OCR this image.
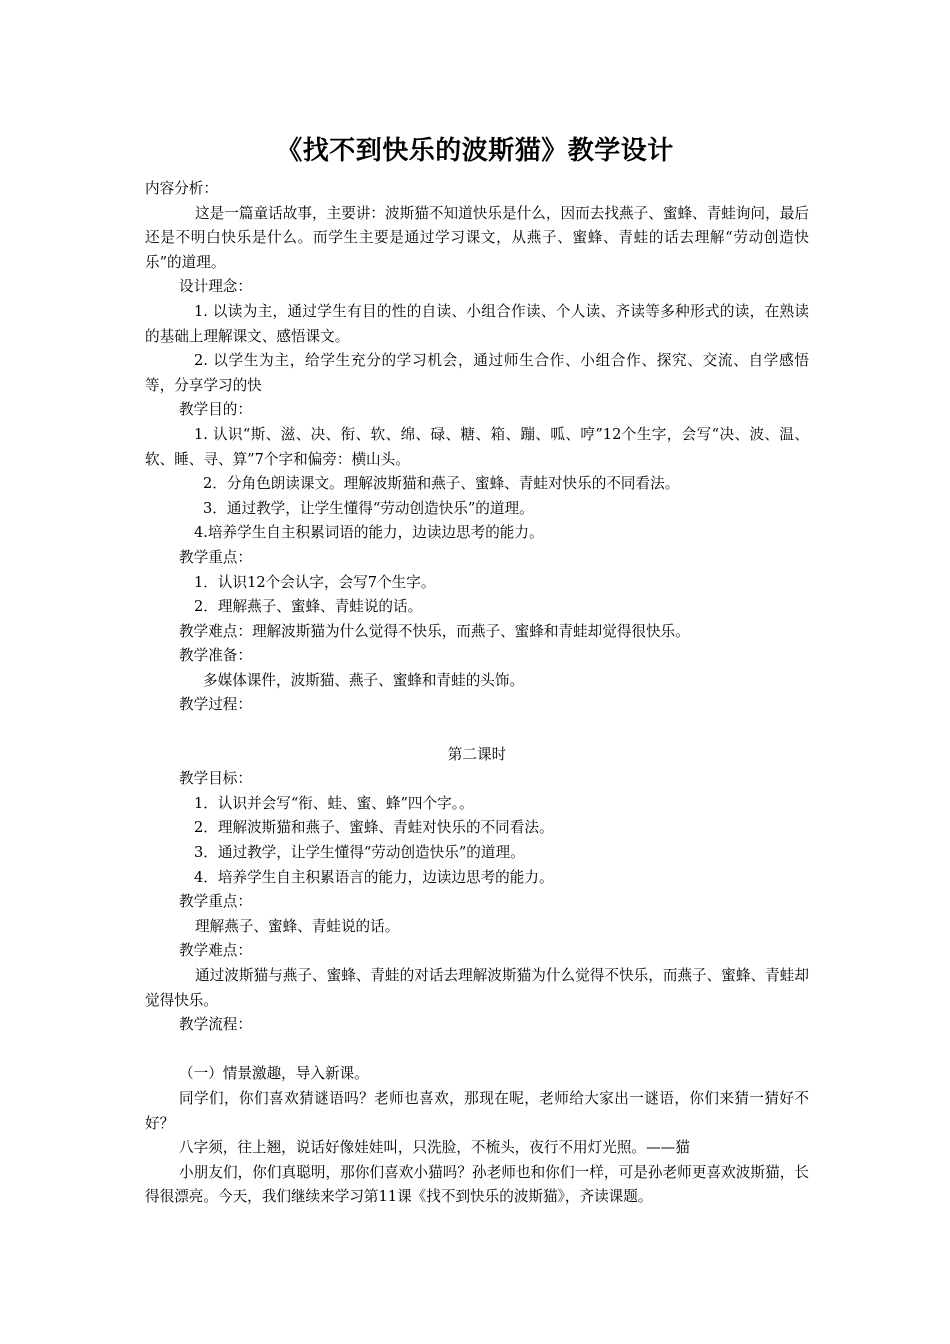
《找不到快乐的波斯猫》教学设计

内容分析：

这是一篇童话故事，主要讲：波斯猫不知道快乐是什么，因而去找燕子、蜜蜂、青蛙询问，最后还是不明白快乐是什么。而学生主要是通过学习课文，从燕子、蜜蜂、青蛙的话去理解“劳动创造快乐”的道理。

设计理念：

1. 以读为主，通过学生有目的性的自读、小组合作读、个人读、齐读等多种形式的读，在熟读的基础上理解课文、感悟课文。

2. 以学生为主，给学生充分的学习机会，通过师生合作、小组合作、探究、交流、自学感悟等，分享学习的快

教学目的：

1. 认识“斯、滋、决、衔、软、绵、碌、糖、箱、蹦、呱、哼”12个生字，会写“决、波、温、软、睡、寻、算”7个字和偏旁：横山头。

2．分角色朗读课文。理解波斯猫和燕子、蜜蜂、青蛙对快乐的不同看法。

3．通过教学，让学生懂得“劳动创造快乐”的道理。

4.培养学生自主积累词语的能力，边读边思考的能力。

教学重点：

1．认识12个会认字，会写7个生字。

2．理解燕子、蜜蜂、青蛙说的话。

教学难点：理解波斯猫为什么觉得不快乐，而燕子、蜜蜂和青蛙却觉得很快乐。

教学准备：

多媒体课件，波斯猫、燕子、蜜蜂和青蛙的头饰。

教学过程：

第二课时

教学目标：

1．认识并会写“衔、蛙、蜜、蜂”四个字。。

2．理解波斯猫和燕子、蜜蜂、青蛙对快乐的不同看法。

3．通过教学，让学生懂得“劳动创造快乐”的道理。

4．培养学生自主积累语言的能力，边读边思考的能力。

教学重点：

理解燕子、蜜蜂、青蛙说的话。

教学难点：

通过波斯猫与燕子、蜜蜂、青蛙的对话去理解波斯猫为什么觉得不快乐，而燕子、蜜蜂、青蛙却觉得快乐。

教学流程：

（一）情景激趣，导入新课。

同学们，你们喜欢猜谜语吗？老师也喜欢，那现在呢，老师给大家出一谜语，你们来猜一猜好不好？

八字须，往上翘，说话好像娃娃叫，只洗脸，不梳头，夜行不用灯光照。——猫

小朋友们，你们真聪明，那你们喜欢小猫吗？孙老师也和你们一样，可是孙老师更喜欢波斯猫，长得很漂亮。今天，我们继续来学习第11课《找不到快乐的波斯猫》，齐读课题。
